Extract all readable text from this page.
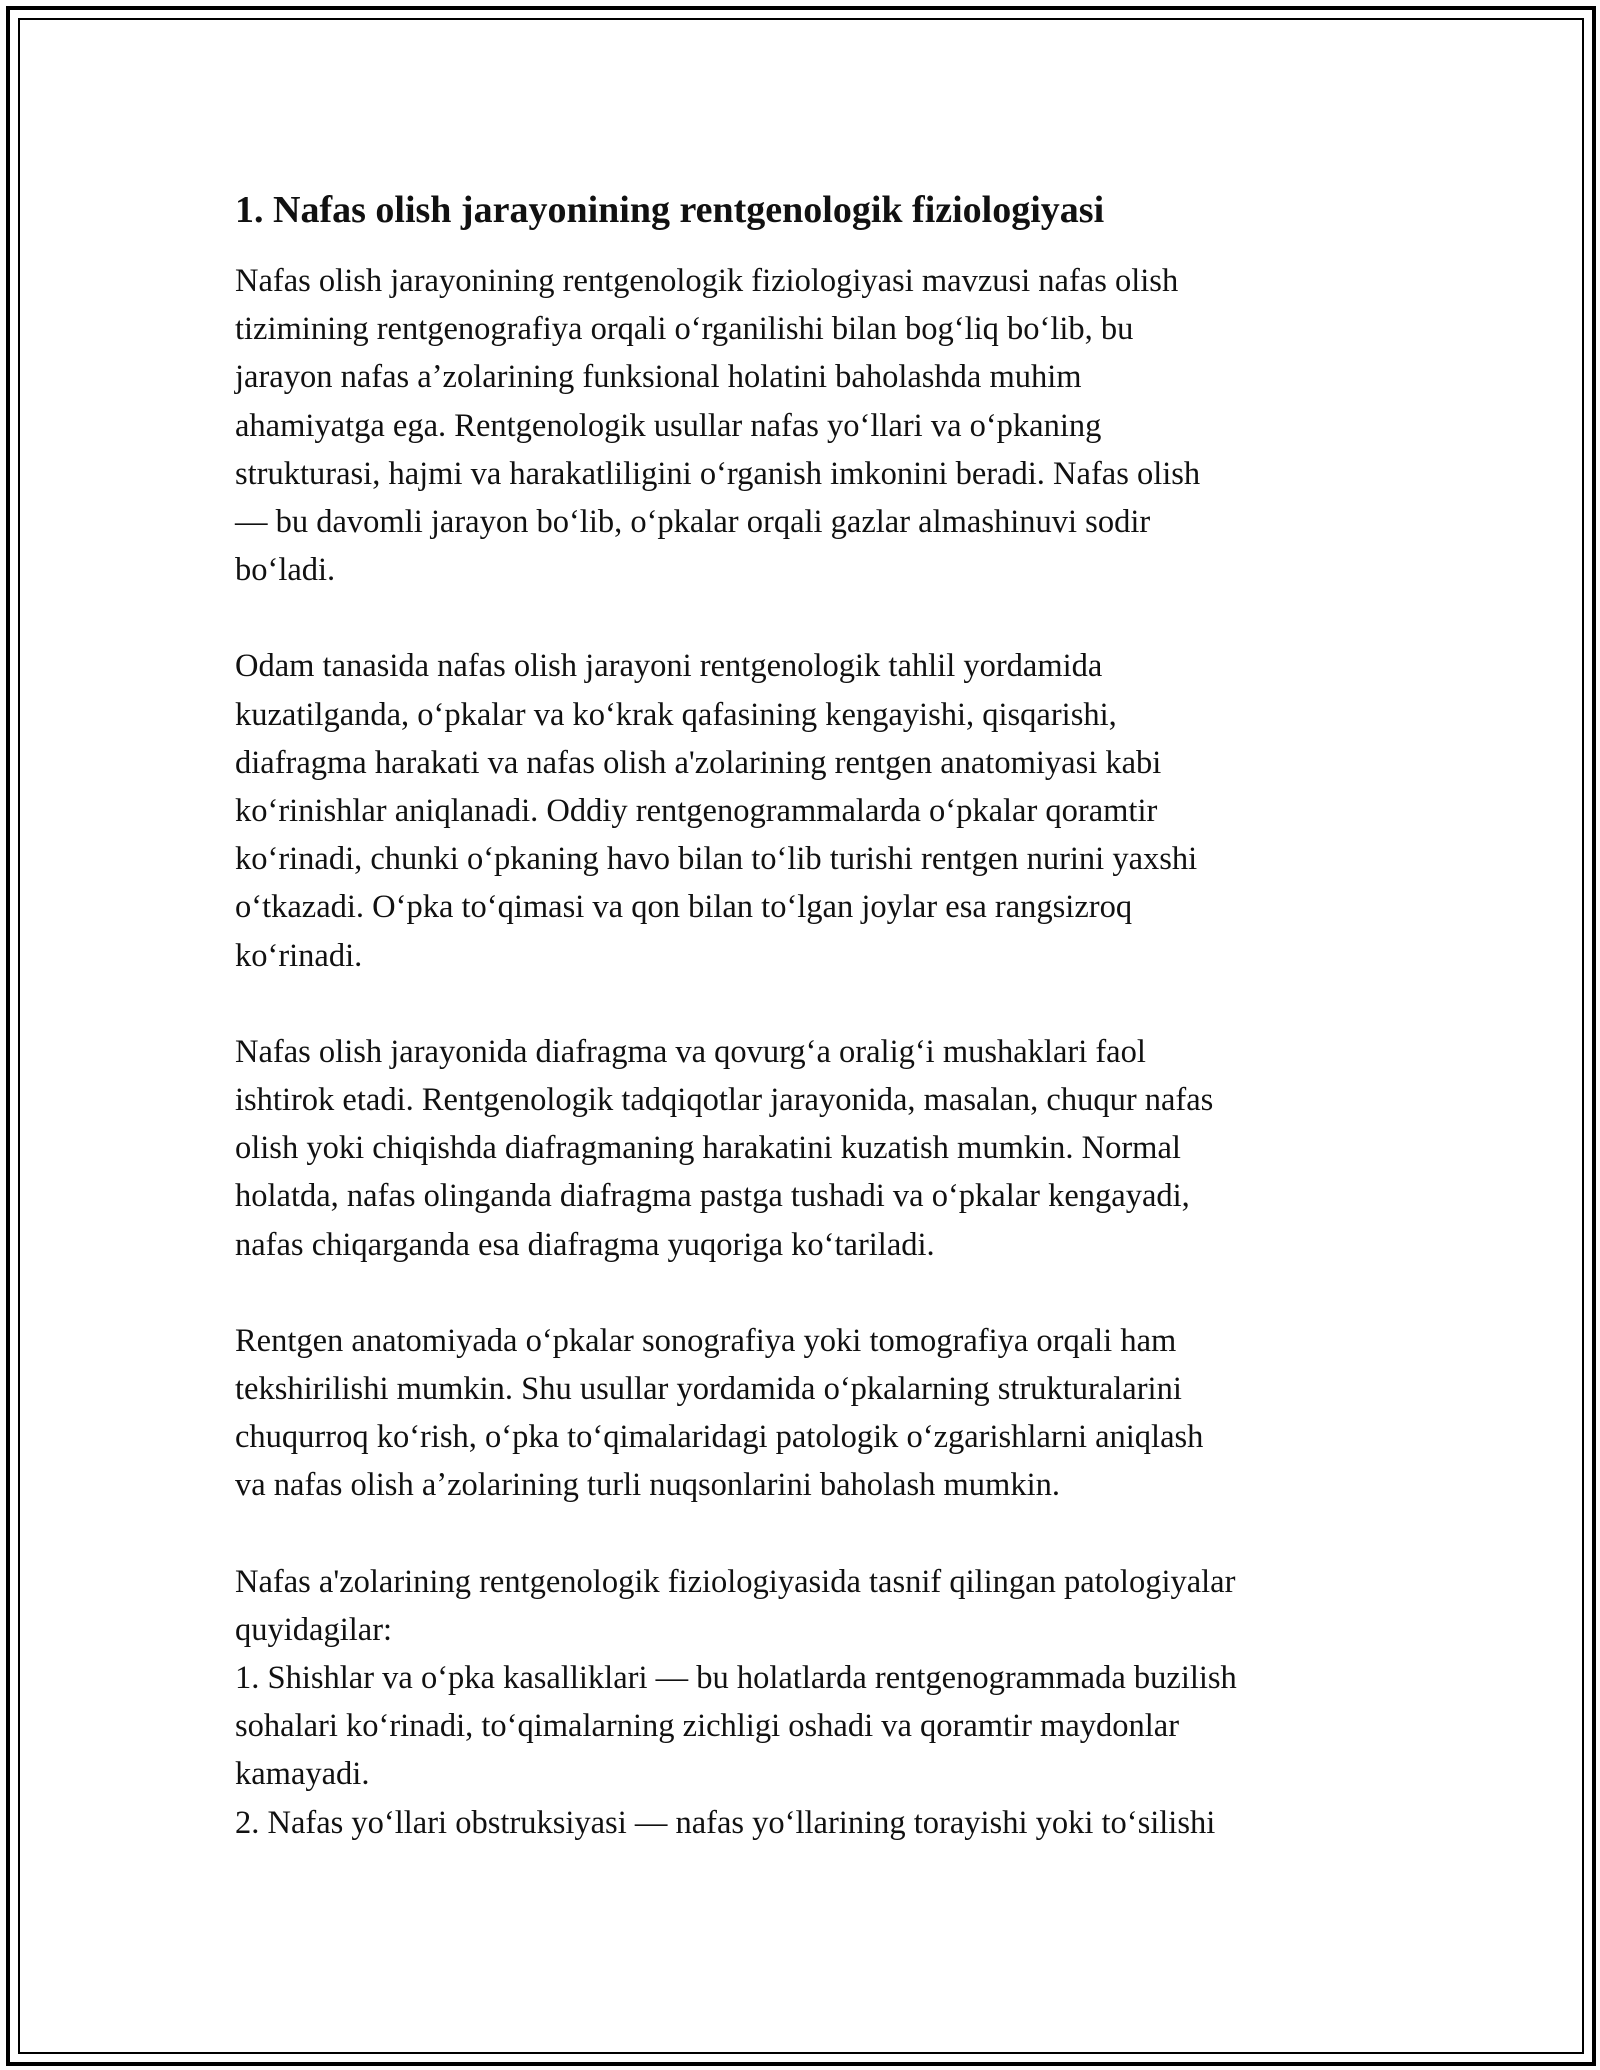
1. Nafas olish jarayonining rentgenologik fiziologiyasi

Nafas olish jarayonining rentgenologik fiziologiyasi mavzusi nafas olish
tizimining rentgenografiya orqali oʻrganilishi bilan bogʻliq boʻlib, bu
jarayon nafas aʼzolarining funksional holatini baholashda muhim
ahamiyatga ega. Rentgenologik usullar nafas yoʻllari va oʻpkaning
strukturasi, hajmi va harakatliligini oʻrganish imkonini beradi. Nafas olish
— bu davomli jarayon boʻlib, oʻpkalar orqali gazlar almashinuvi sodir
boʻladi.

Odam tanasida nafas olish jarayoni rentgenologik tahlil yordamida
kuzatilganda, oʻpkalar va koʻkrak qafasining kengayishi, qisqarishi,
diafragma harakati va nafas olish a'zolarining rentgen anatomiyasi kabi
koʻrinishlar aniqlanadi. Oddiy rentgenogrammalarda oʻpkalar qoramtir
koʻrinadi, chunki oʻpkaning havo bilan toʻlib turishi rentgen nurini yaxshi
oʻtkazadi. Oʻpka toʻqimasi va qon bilan toʻlgan joylar esa rangsizroq
koʻrinadi.

Nafas olish jarayonida diafragma va qovurgʻa oraligʻi mushaklari faol
ishtirok etadi. Rentgenologik tadqiqotlar jarayonida, masalan, chuqur nafas
olish yoki chiqishda diafragmaning harakatini kuzatish mumkin. Normal
holatda, nafas olinganda diafragma pastga tushadi va oʻpkalar kengayadi,
nafas chiqarganda esa diafragma yuqoriga koʻtariladi.

Rentgen anatomiyada oʻpkalar sonografiya yoki tomografiya orqali ham
tekshirilishi mumkin. Shu usullar yordamida oʻpkalarning strukturalarini
chuqurroq koʻrish, oʻpka toʻqimalaridagi patologik oʻzgarishlarni aniqlash
va nafas olish aʼzolarining turli nuqsonlarini baholash mumkin.

Nafas a'zolarining rentgenologik fiziologiyasida tasnif qilingan patologiyalar
quyidagilar:
1. Shishlar va oʻpka kasalliklari — bu holatlarda rentgenogrammada buzilish
sohalari koʻrinadi, toʻqimalarning zichligi oshadi va qoramtir maydonlar
kamayadi.
2. Nafas yoʻllari obstruksiyasi — nafas yoʻllarining torayishi yoki toʻsilishi
